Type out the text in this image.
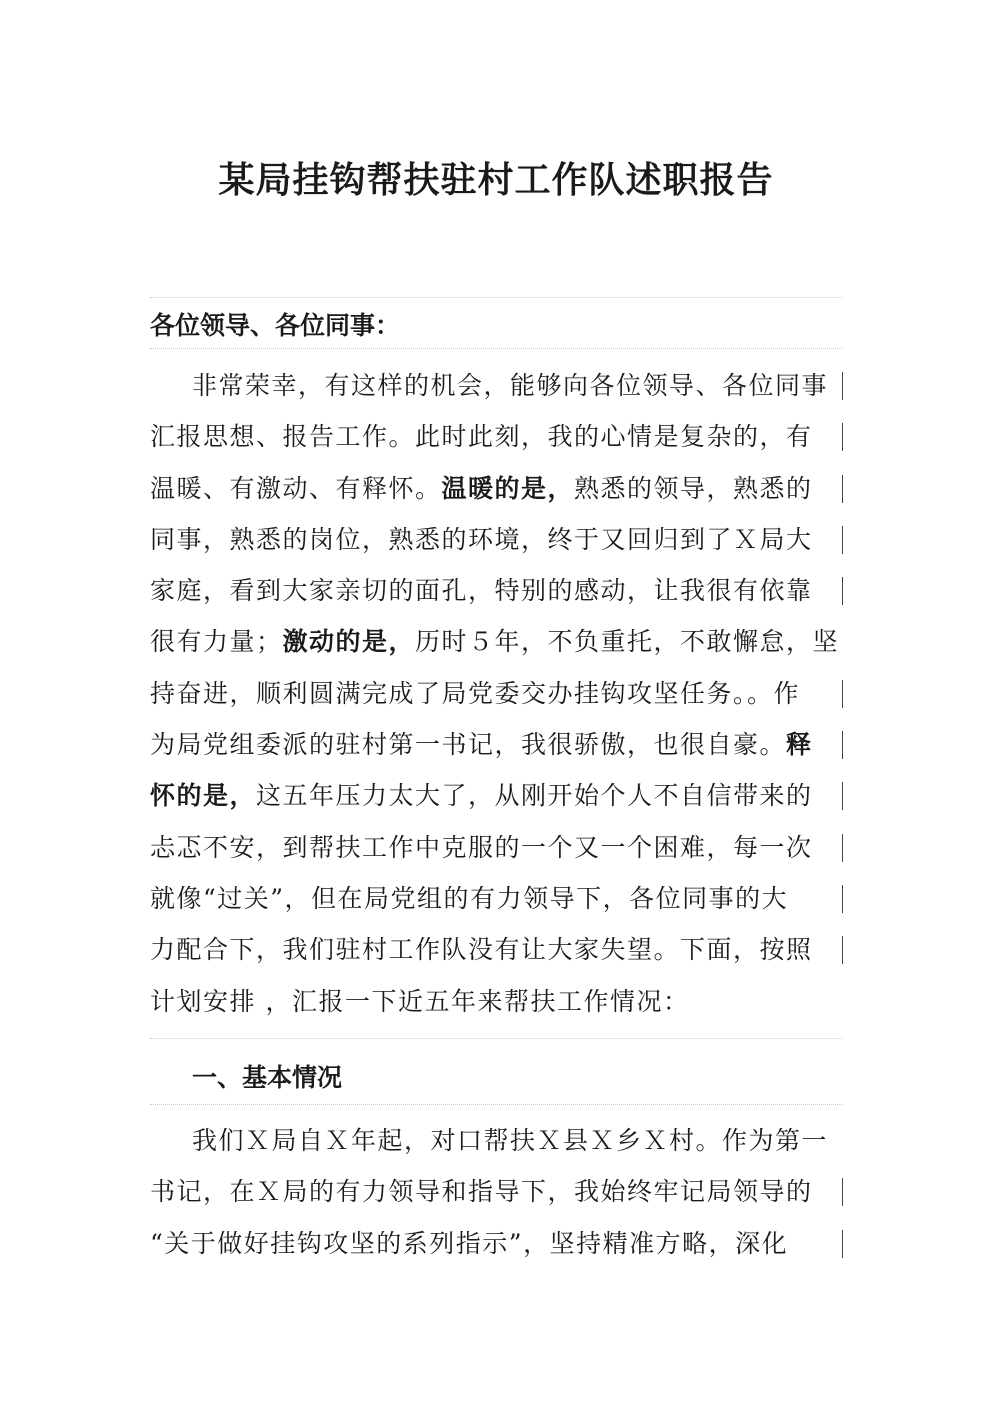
某局挂钩帮扶驻村工作队述职报告
各位领导、各位同事：
非常荣幸，有这样的机会，能够向各位领导、各位同事
汇报思想、报告工作。此时此刻，我的心情是复杂的，有
温暖、有激动、有释怀。温暖的是，熟悉的领导，熟悉的
同事，熟悉的岗位，熟悉的环境，终于又回归到了Ｘ局大
家庭，看到大家亲切的面孔，特别的感动，让我很有依靠
很有力量；激动的是，历时５年，不负重托，不敢懈怠，坚
持奋进，顺利圆满完成了局党委交办挂钩攻坚任务。。作
为局党组委派的驻村第一书记，我很骄傲，也很自豪。释
怀的是，这五年压力太大了，从刚开始个人不自信带来的
忐忑不安，到帮扶工作中克服的一个又一个困难，每一次
就像“过关”，但在局党组的有力领导下，各位同事的大
力配合下，我们驻村工作队没有让大家失望。下面，按照
计划安排 ，汇报一下近五年来帮扶工作情况：
一、基本情况
我们Ｘ局自Ｘ年起，对口帮扶Ｘ县Ｘ乡Ｘ村。作为第一
书记，在Ｘ局的有力领导和指导下，我始终牢记局领导的
“关于做好挂钩攻坚的系列指示”，坚持精准方略，深化
